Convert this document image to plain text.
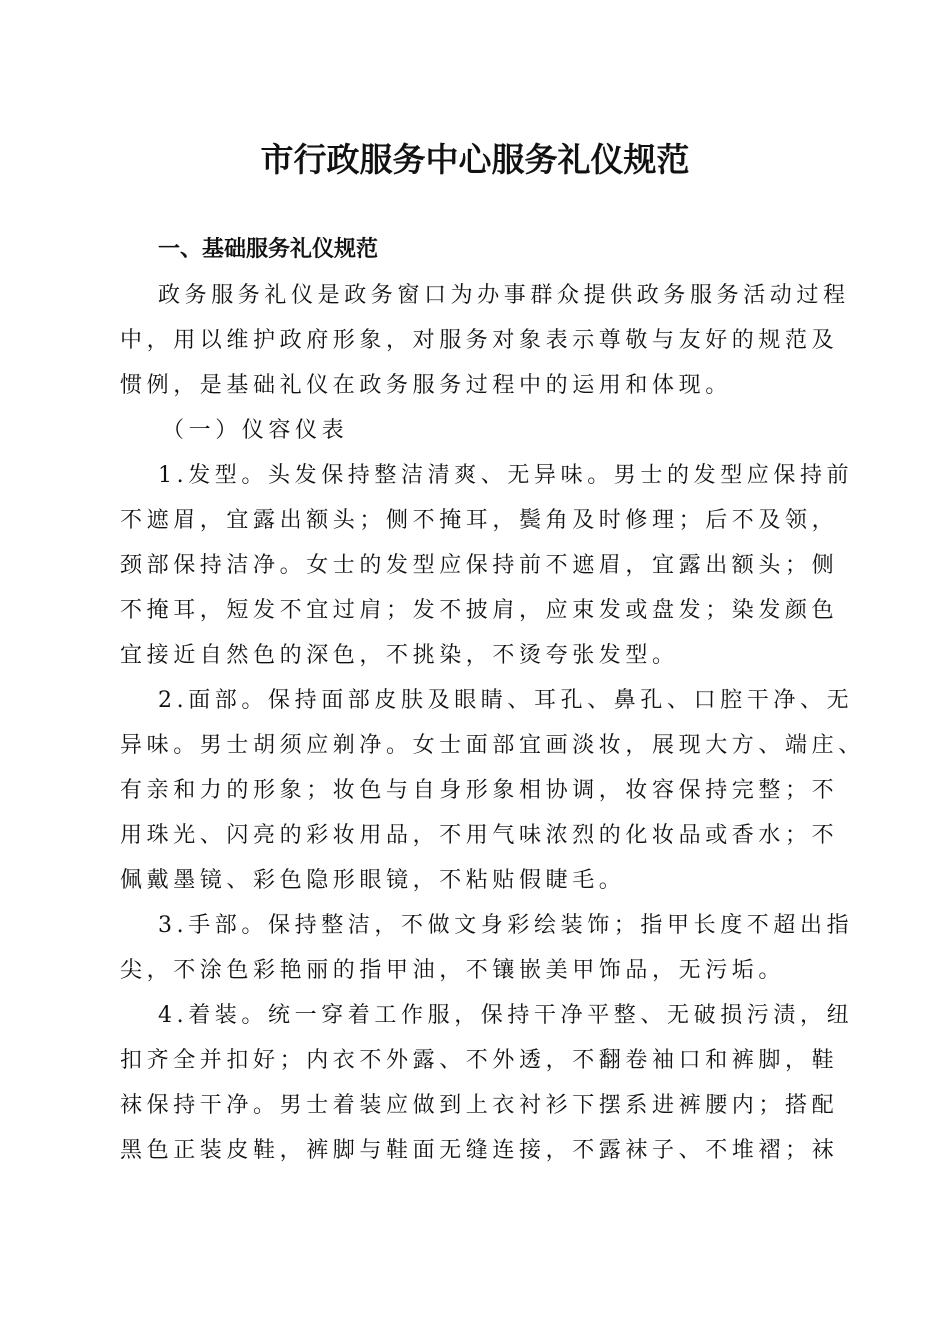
市行政服务中心服务礼仪规范
一、基础服务礼仪规范
政务服务礼仪是政务窗口为办事群众提供政务服务活动过程
中，用以维护政府形象，对服务对象表示尊敬与友好的规范及
惯例，是基础礼仪在政务服务过程中的运用和体现。
（一）仪容仪表
1.发型。头发保持整洁清爽、无异味。男士的发型应保持前
不遮眉，宜露出额头；侧不掩耳，鬓角及时修理；后不及领，
颈部保持洁净。女士的发型应保持前不遮眉，宜露出额头；侧
不掩耳，短发不宜过肩；发不披肩，应束发或盘发；染发颜色
宜接近自然色的深色，不挑染，不烫夸张发型。
2.面部。保持面部皮肤及眼睛、耳孔、鼻孔、口腔干净、无
异味。男士胡须应剃净。女士面部宜画淡妆，展现大方、端庄、
有亲和力的形象；妆色与自身形象相协调，妆容保持完整；不
用珠光、闪亮的彩妆用品，不用气味浓烈的化妆品或香水；不
佩戴墨镜、彩色隐形眼镜，不粘贴假睫毛。
3.手部。保持整洁，不做文身彩绘装饰；指甲长度不超出指
尖，不涂色彩艳丽的指甲油，不镶嵌美甲饰品，无污垢。
4.着装。统一穿着工作服，保持干净平整、无破损污渍，纽
扣齐全并扣好；内衣不外露、不外透，不翻卷袖口和裤脚，鞋
袜保持干净。男士着装应做到上衣衬衫下摆系进裤腰内；搭配
黑色正装皮鞋，裤脚与鞋面无缝连接，不露袜子、不堆褶；袜
